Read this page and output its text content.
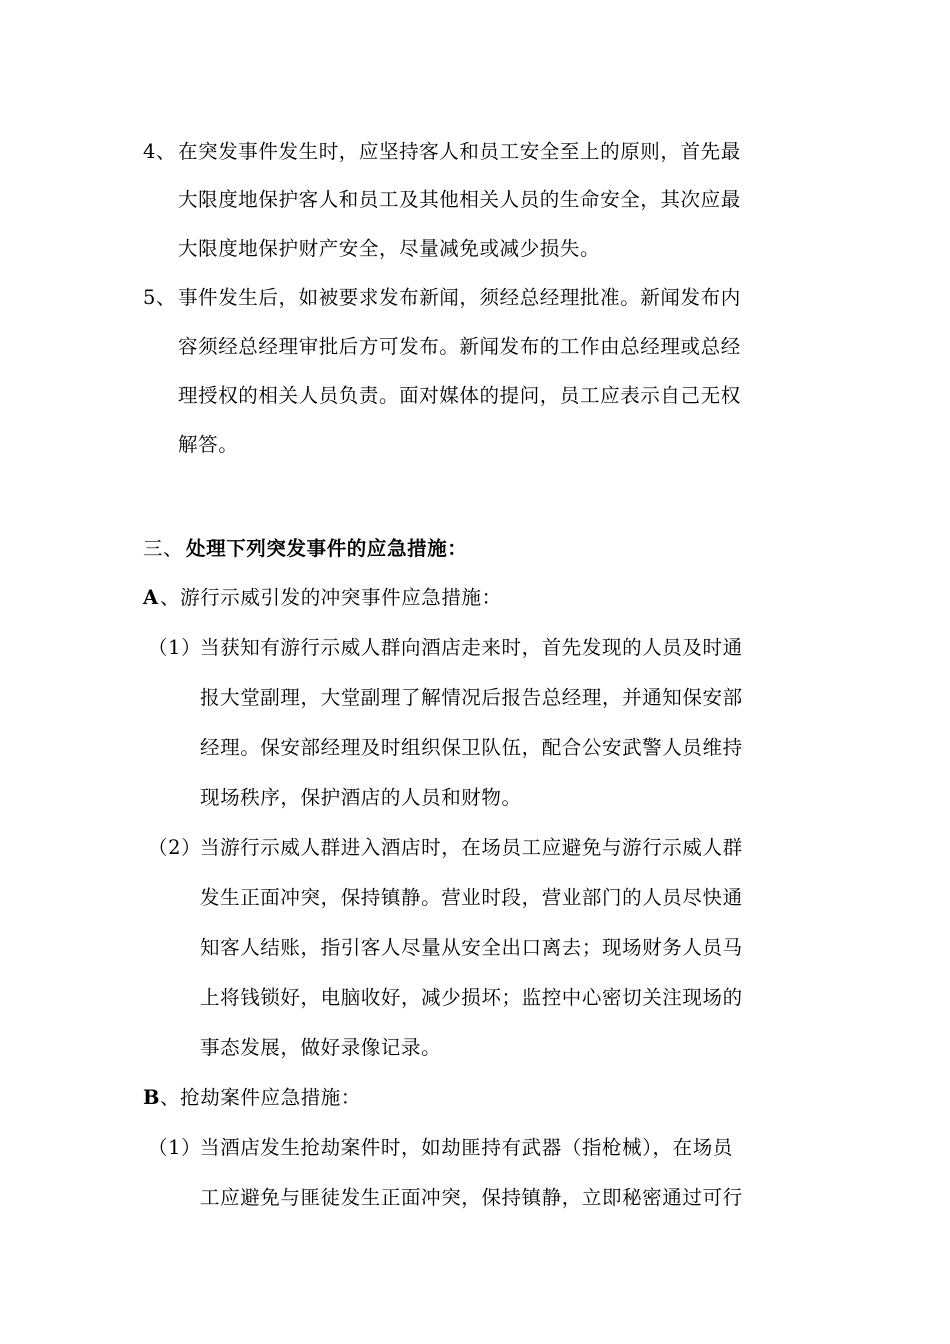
4、 在突发事件发生时，应坚持客人和员工安全至上的原则，首先最
大限度地保护客人和员工及其他相关人员的生命安全，其次应最
大限度地保护财产安全，尽量减免或减少损失。
5、 事件发生后，如被要求发布新闻，须经总经理批准。新闻发布内
容须经总经理审批后方可发布。新闻发布的工作由总经理或总经
理授权的相关人员负责。面对媒体的提问，员工应表示自己无权
解答。
三、 处理下列突发事件的应急措施：
A 、游行示威引发的冲突事件应急措施：
（1）
当获知有游行示威人群向酒店走来时，首先发现的人员及时通
报大堂副理，大堂副理了解情况后报告总经理，并通知保安部
经理。保安部经理及时组织保卫队伍，配合公安武警人员维持
现场秩序，保护酒店的人员和财物。
（2）
当游行示威人群进入酒店时，在场员工应避免与游行示威人群
发生正面冲突，保持镇静。营业时段，营业部门的人员尽快通
知客人结账，指引客人尽量从安全出口离去；现场财务人员马
上将钱锁好，电脑收好，减少损坏；监控中心密切关注现场的
事态发展，做好录像记录。
B 、抢劫案件应急措施：
（1）
当酒店发生抢劫案件时，如劫匪持有武器（指枪械），在场员
工应避免与匪徒发生正面冲突，保持镇静，立即秘密通过可行
